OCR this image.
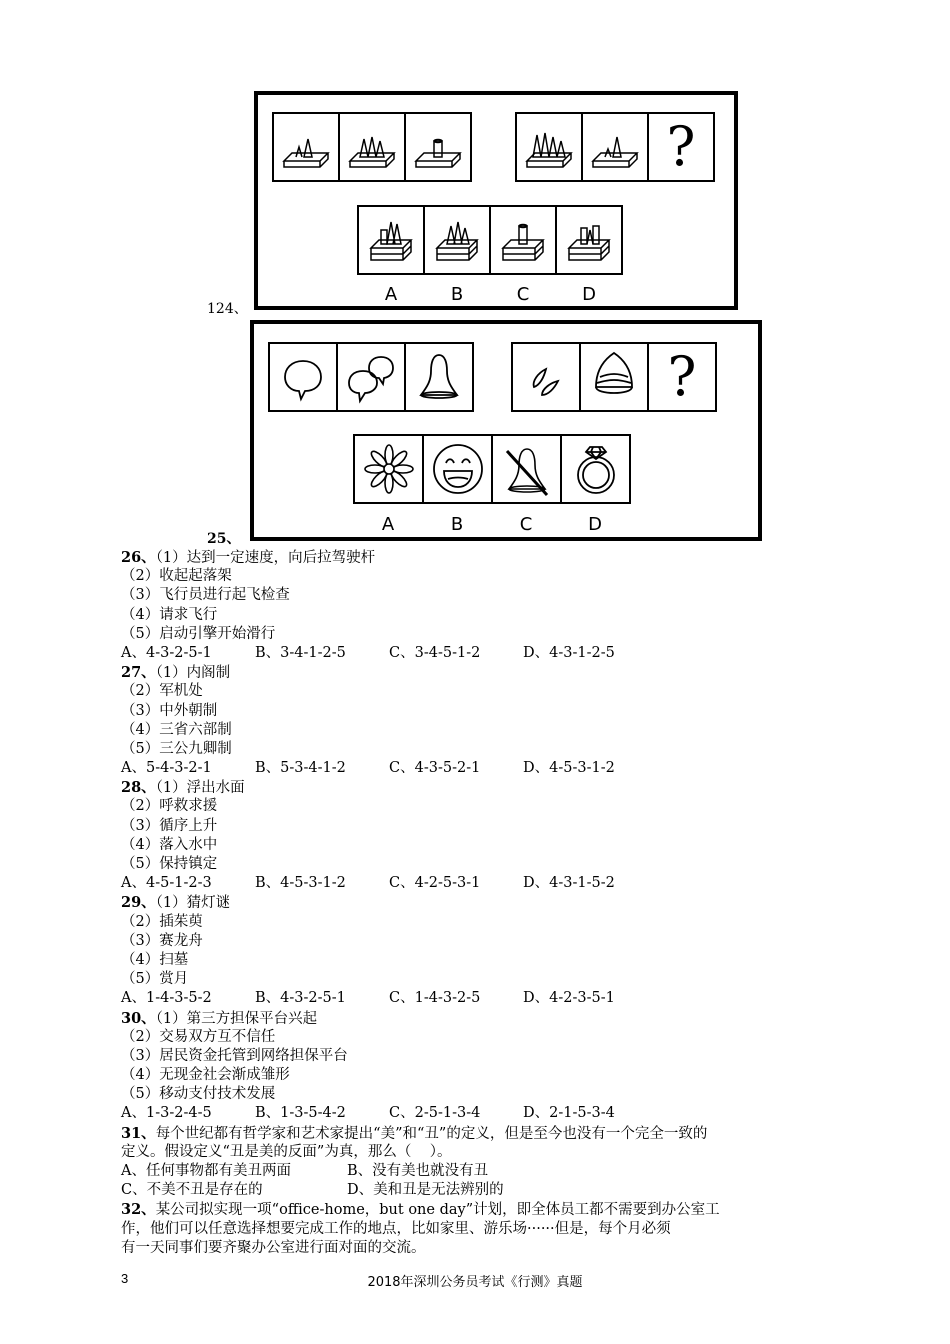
?
A	B	C	D
124、
?
A	B	C	D
25、
26、（1）达到一定速度，向后拉驾驶杆
（2）收起起落架
（3）飞行员进行起飞检查
（4）请求飞行
（5）启动引擎开始滑行
A、4-3-2-5-1	B、3-4-1-2-5	C、3-4-5-1-2	D、4-3-1-2-5
27、（1）内阁制
（2）军机处
（3）中外朝制
（4）三省六部制
（5）三公九卿制
A、5-4-3-2-1	B、5-3-4-1-2	C、4-3-5-2-1	D、4-5-3-1-2
28、（1）浮出水面
（2）呼救求援
（3）循序上升
（4）落入水中
（5）保持镇定
A、4-5-1-2-3	B、4-5-3-1-2	C、4-2-5-3-1	D、4-3-1-5-2
29、（1）猜灯谜
（2）插茱萸
（3）赛龙舟
（4）扫墓
（5）赏月
A、1-4-3-5-2	B、4-3-2-5-1	C、1-4-3-2-5	D、4-2-3-5-1
30、（1）第三方担保平台兴起
（2）交易双方互不信任
（3）居民资金托管到网络担保平台
（4）无现金社会渐成雏形
（5）移动支付技术发展
A、1-3-2-4-5	B、1-3-5-4-2	C、2-5-1-3-4	D、2-1-5-3-4
31、每个世纪都有哲学家和艺术家提出“美”和“丑”的定义，但是至今也没有一个完全一致的
定义。假设定义“丑是美的反面”为真，那么（    ）。
A、任何事物都有美丑两面	B、没有美也就没有丑
C、不美不丑是存在的	D、美和丑是无法辨别的
32、某公司拟实现一项“office-home，but one day”计划，即全体员工都不需要到办公室工
作，他们可以任意选择想要完成工作的地点，比如家里、游乐场······但是，每个月必须
有一天同事们要齐聚办公室进行面对面的交流。
3	2018年深圳公务员考试《行测》真题
